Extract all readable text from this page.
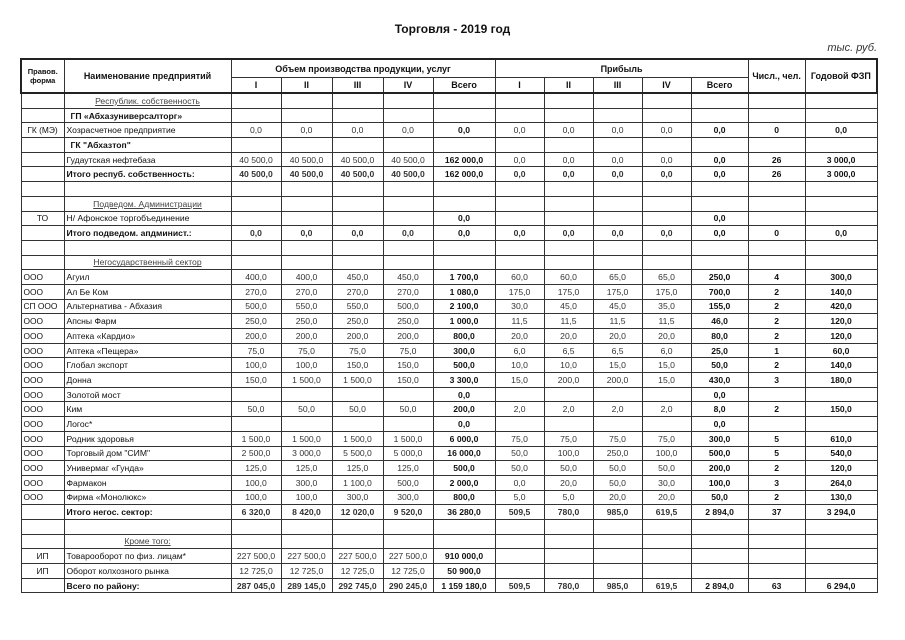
Торговля - 2019 год
тыс. руб.
Правов. форма	Наименование предприятий	Объем производства продукции, услуг					Прибыль					Числ., чел.	Годовой ФЗП
		I	II	III	IV	Всего	I	II	III	IV	Всего		
	Республик. собственность												
	ГП «Абхазуниверсалторг»												
ГК (МЭ)	Хозрасчетное предприятие	0,0	0,0	0,0	0,0	0,0	0,0	0,0	0,0	0,0	0,0	0	0,0
	ГК "Абхазтоп"												
	Гудаутская нефтебаза	40 500,0	40 500,0	40 500,0	40 500,0	162 000,0	0,0	0,0	0,0	0,0	0,0	26	3 000,0
	Итого респуб. собственность:	40 500,0	40 500,0	40 500,0	40 500,0	162 000,0	0,0	0,0	0,0	0,0	0,0	26	3 000,0

	Подведом. Администрации												
ТО	Н/ Афонское торгобъединение					0,0					0,0		
	Итого подведом. апдминист.:	0,0	0,0	0,0	0,0	0,0	0,0	0,0	0,0	0,0	0,0	0	0,0

	Негосударственный сектор												
ООО	Агуил	400,0	400,0	450,0	450,0	1 700,0	60,0	60,0	65,0	65,0	250,0	4	300,0
ООО	Ал Бе Ком	270,0	270,0	270,0	270,0	1 080,0	175,0	175,0	175,0	175,0	700,0	2	140,0
СП ООО	Альтернатива - Абхазия	500,0	550,0	550,0	500,0	2 100,0	30,0	45,0	45,0	35,0	155,0	2	420,0
ООО	Апсны Фарм	250,0	250,0	250,0	250,0	1 000,0	11,5	11,5	11,5	11,5	46,0	2	120,0
ООО	Аптека «Кардио»	200,0	200,0	200,0	200,0	800,0	20,0	20,0	20,0	20,0	80,0	2	120,0
ООО	Аптека «Пещера»	75,0	75,0	75,0	75,0	300,0	6,0	6,5	6,5	6,0	25,0	1	60,0
ООО	Глобал экспорт	100,0	100,0	150,0	150,0	500,0	10,0	10,0	15,0	15,0	50,0	2	140,0
ООО	Донна	150,0	1 500,0	1 500,0	150,0	3 300,0	15,0	200,0	200,0	15,0	430,0	3	180,0
ООО	Золотой мост					0,0					0,0		
ООО	Ким	50,0	50,0	50,0	50,0	200,0	2,0	2,0	2,0	2,0	8,0	2	150,0
ООО	Логос*					0,0					0,0		
ООО	Родник здоровья	1 500,0	1 500,0	1 500,0	1 500,0	6 000,0	75,0	75,0	75,0	75,0	300,0	5	610,0
ООО	Торговый дом "СИМ"	2 500,0	3 000,0	5 500,0	5 000,0	16 000,0	50,0	100,0	250,0	100,0	500,0	5	540,0
ООО	Универмаг «Гунда»	125,0	125,0	125,0	125,0	500,0	50,0	50,0	50,0	50,0	200,0	2	120,0
ООО	Фармакон	100,0	300,0	1 100,0	500,0	2 000,0	0,0	20,0	50,0	30,0	100,0	3	264,0
ООО	Фирма «Монолюкс»	100,0	100,0	300,0	300,0	800,0	5,0	5,0	20,0	20,0	50,0	2	130,0
	Итого негос. сектор:	6 320,0	8 420,0	12 020,0	9 520,0	36 280,0	509,5	780,0	985,0	619,5	2 894,0	37	3 294,0

	Кроме того:												
ИП	Товарооборот по физ. лицам*	227 500,0	227 500,0	227 500,0	227 500,0	910 000,0							
ИП	Оборот колхозного рынка	12 725,0	12 725,0	12 725,0	12 725,0	50 900,0							
	Всего по району:	287 045,0	289 145,0	292 745,0	290 245,0	1 159 180,0	509,5	780,0	985,0	619,5	2 894,0	63	6 294,0
